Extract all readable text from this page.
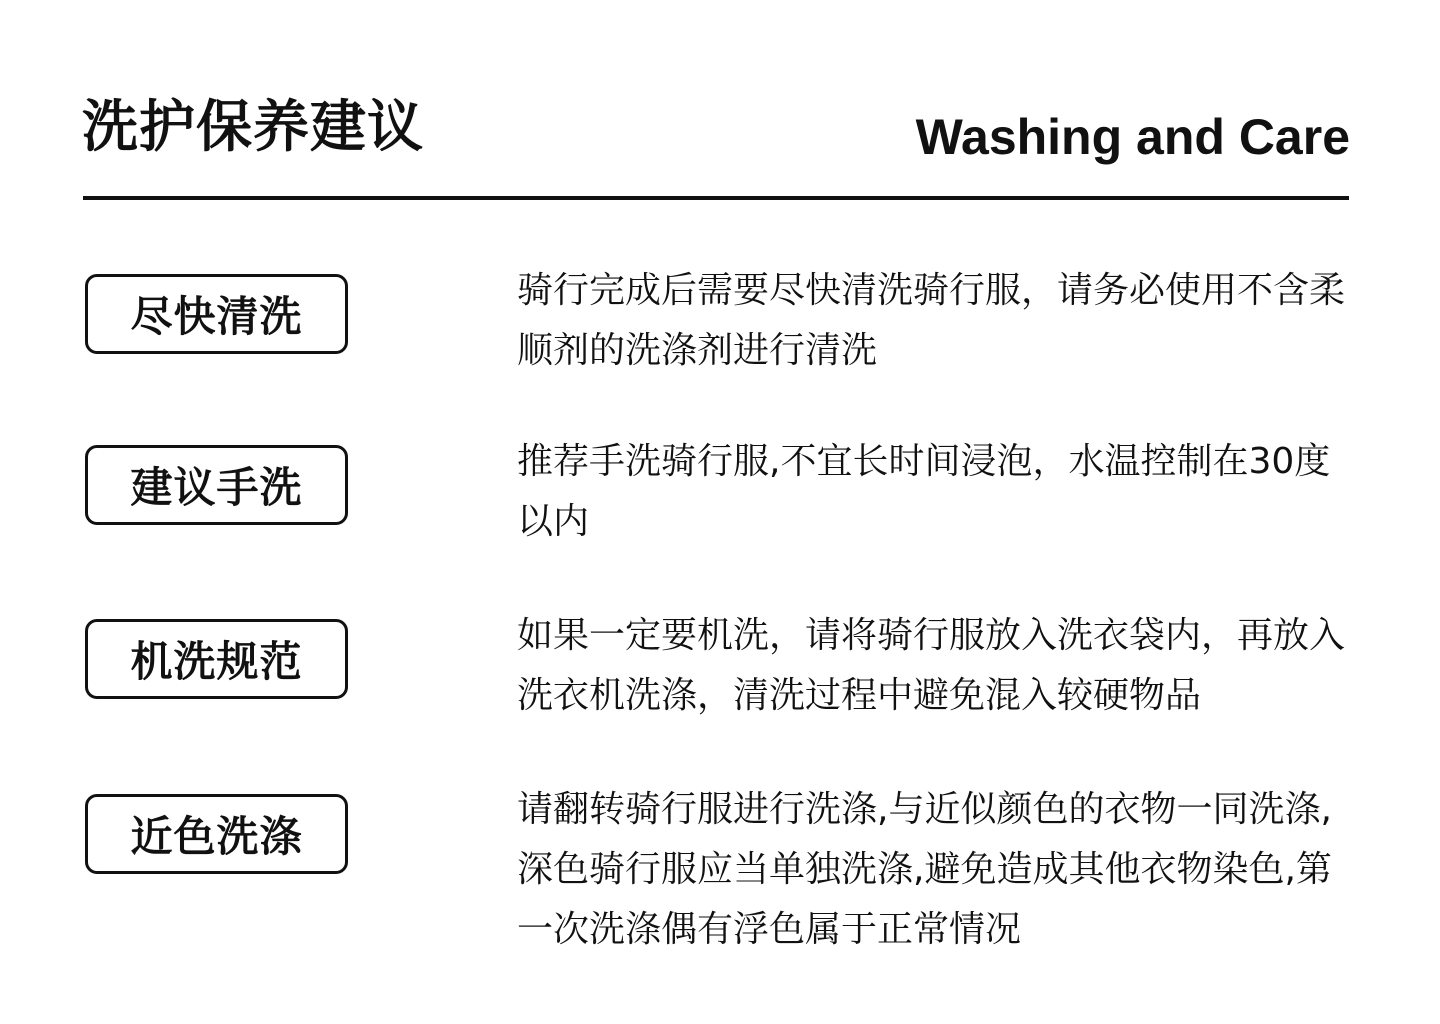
洗护保养建议	Washing and Care
尽快清洗
骑行完成后需要尽快清洗骑行服，请务必使用不含柔顺剂的洗涤剂进行清洗
建议手洗
推荐手洗骑行服,不宜长时间浸泡，水温控制在30度以内
机洗规范
如果一定要机洗，请将骑行服放入洗衣袋内，再放入洗衣机洗涤，清洗过程中避免混入较硬物品
近色洗涤
请翻转骑行服进行洗涤,与近似颜色的衣物一同洗涤,深色骑行服应当单独洗涤,避免造成其他衣物染色,第一次洗涤偶有浮色属于正常情况
